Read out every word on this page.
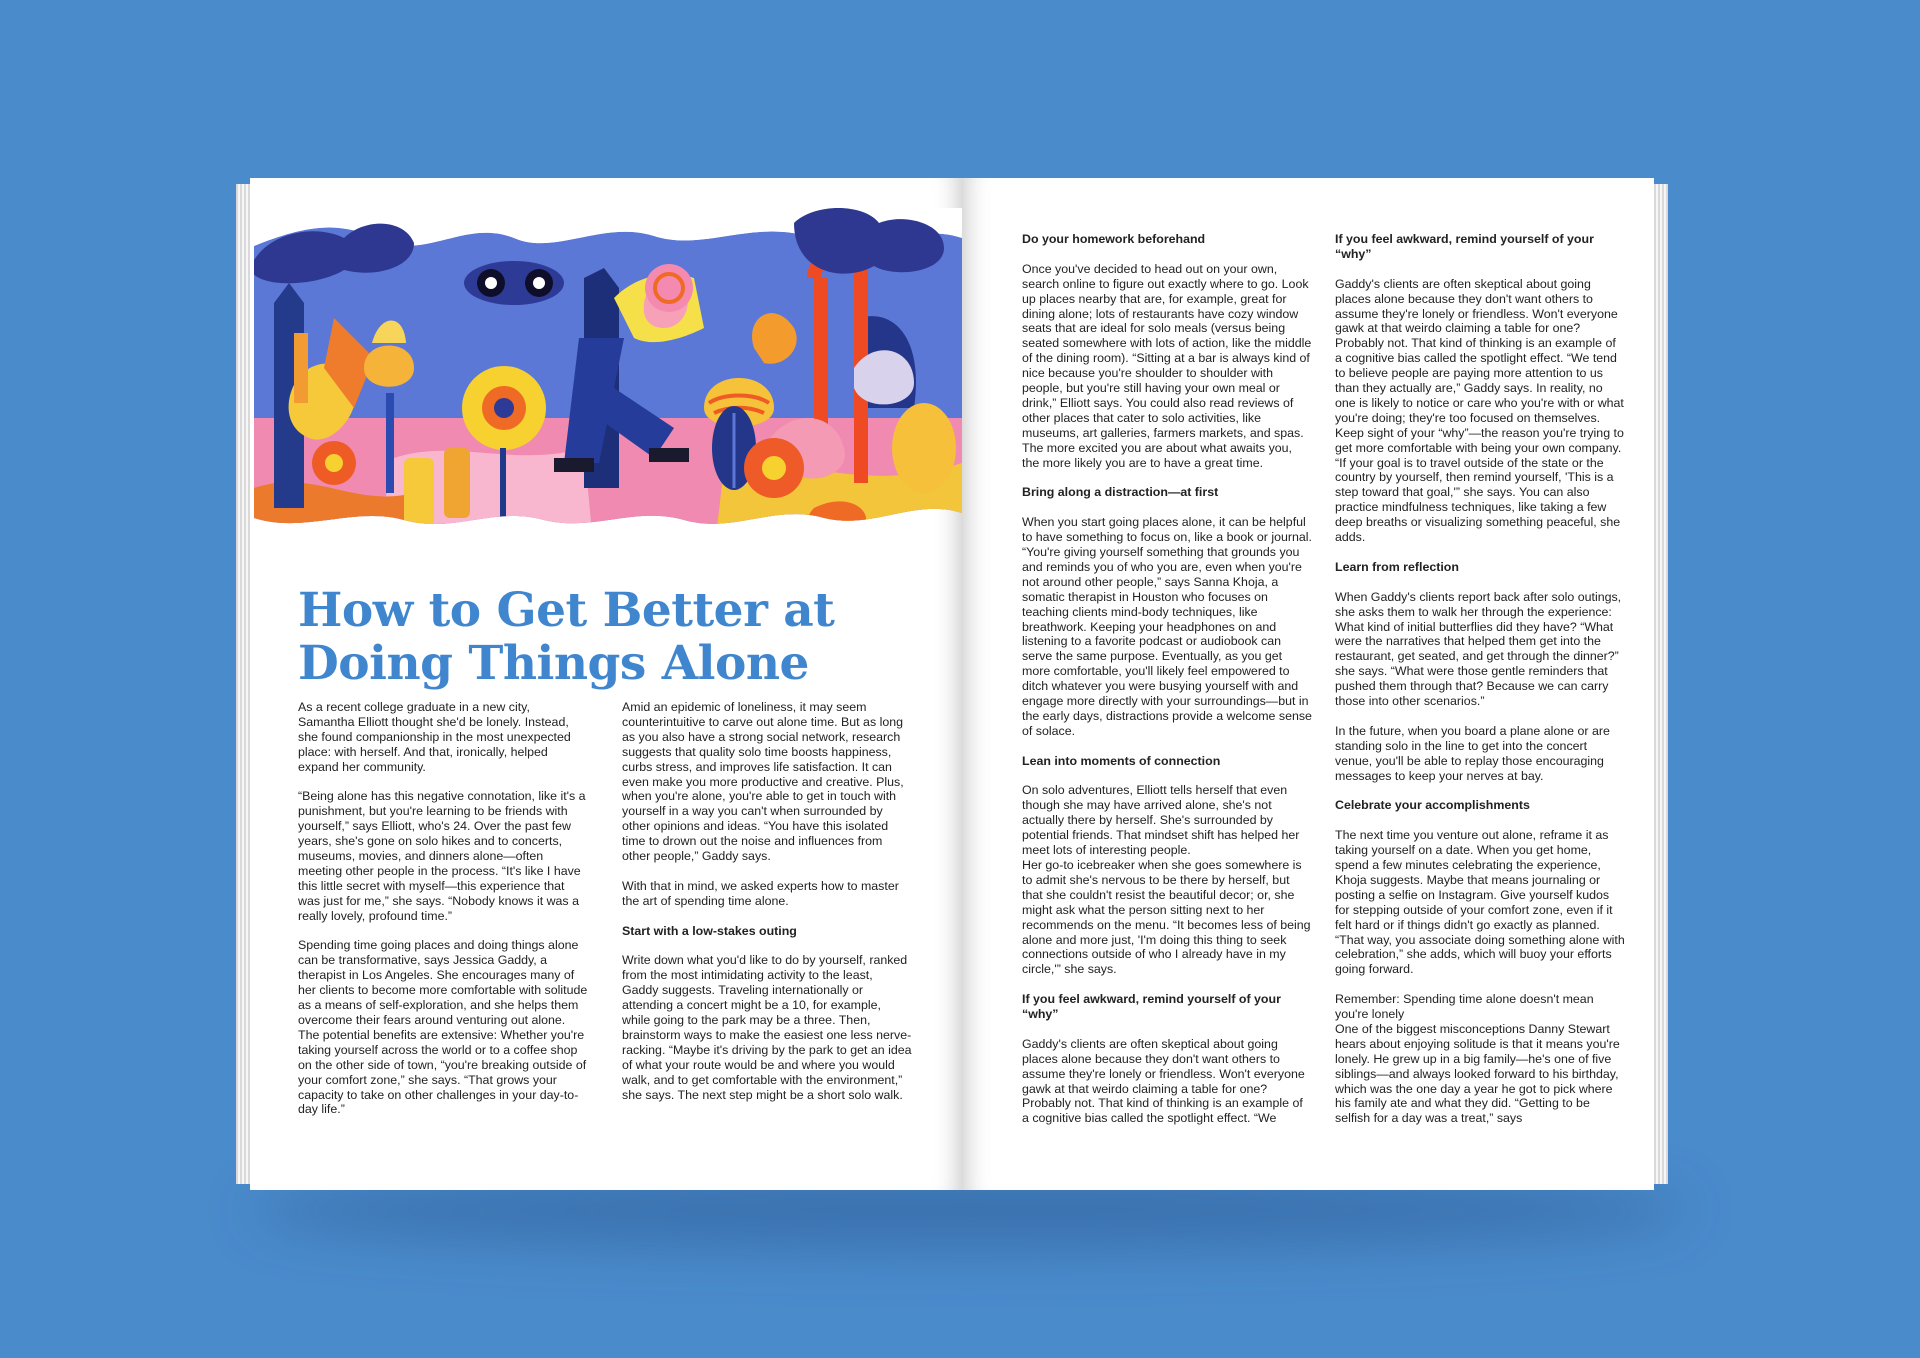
How to Get Better at Doing Things Alone

As a recent college graduate in a new city, Samantha Elliott thought she'd be lonely. Instead, she found companionship in the most unexpected place: with herself. And that, ironically, helped expand her community.

“Being alone has this negative connotation, like it's a punishment, but you're learning to be friends with yourself,” says Elliott, who's 24. Over the past few years, she's gone on solo hikes and to concerts, museums, movies, and dinners alone—often meeting other people in the process. “It's like I have this little secret with myself—this experience that was just for me,” she says. “Nobody knows it was a really lovely, profound time.”

Spending time going places and doing things alone can be transformative, says Jessica Gaddy, a therapist in Los Angeles. She encourages many of her clients to become more comfortable with solitude as a means of self-exploration, and she helps them overcome their fears around venturing out alone. The potential benefits are extensive: Whether you're taking yourself across the world or to a coffee shop on the other side of town, “you're breaking outside of your comfort zone,” she says. “That grows your capacity to take on other challenges in your day-to-day life.”

Amid an epidemic of loneliness, it may seem counterintuitive to carve out alone time. But as long as you also have a strong social network, research suggests that quality solo time boosts happiness, curbs stress, and improves life satisfaction. It can even make you more productive and creative. Plus, when you're alone, you're able to get in touch with yourself in a way you can't when surrounded by other opinions and ideas. “You have this isolated time to drown out the noise and influences from other people,” Gaddy says.

With that in mind, we asked experts how to master the art of spending time alone.

Start with a low-stakes outing

Write down what you'd like to do by yourself, ranked from the most intimidating activity to the least, Gaddy suggests. Traveling internationally or attending a concert might be a 10, for example, while going to the park may be a three. Then, brainstorm ways to make the easiest one less nerve-racking. “Maybe it's driving by the park to get an idea of what your route would be and where you would walk, and to get comfortable with the environment,” she says. The next step might be a short solo walk.

Do your homework beforehand

Once you've decided to head out on your own, search online to figure out exactly where to go. Look up places nearby that are, for example, great for dining alone; lots of restaurants have cozy window seats that are ideal for solo meals (versus being seated somewhere with lots of action, like the middle of the dining room). “Sitting at a bar is always kind of nice because you're shoulder to shoulder with people, but you're still having your own meal or drink,” Elliott says. You could also read reviews of other places that cater to solo activities, like museums, art galleries, farmers markets, and spas. The more excited you are about what awaits you, the more likely you are to have a great time.

Bring along a distraction—at first

When you start going places alone, it can be helpful to have something to focus on, like a book or journal. “You're giving yourself something that grounds you and reminds you of who you are, even when you're not around other people,” says Sanna Khoja, a somatic therapist in Houston who focuses on teaching clients mind-body techniques, like breathwork. Keeping your headphones on and listening to a favorite podcast or audiobook can serve the same purpose. Eventually, as you get more comfortable, you'll likely feel empowered to ditch whatever you were busying yourself with and engage more directly with your surroundings—but in the early days, distractions provide a welcome sense of solace.

Lean into moments of connection

On solo adventures, Elliott tells herself that even though she may have arrived alone, she's not actually there by herself. She's surrounded by potential friends. That mindset shift has helped her meet lots of interesting people.
Her go-to icebreaker when she goes somewhere is to admit she's nervous to be there by herself, but that she couldn't resist the beautiful decor; or, she might ask what the person sitting next to her recommends on the menu. “It becomes less of being alone and more just, 'I'm doing this thing to seek connections outside of who I already have in my circle,'” she says.

If you feel awkward, remind yourself of your “why”

Gaddy's clients are often skeptical about going places alone because they don't want others to assume they're lonely or friendless. Won't everyone gawk at that weirdo claiming a table for one? Probably not. That kind of thinking is an example of a cognitive bias called the spotlight effect. “We

If you feel awkward, remind yourself of your “why”

Gaddy's clients are often skeptical about going places alone because they don't want others to assume they're lonely or friendless. Won't everyone gawk at that weirdo claiming a table for one? Probably not. That kind of thinking is an example of a cognitive bias called the spotlight effect. “We tend to believe people are paying more attention to us than they actually are,” Gaddy says. In reality, no one is likely to notice or care who you're with or what you're doing; they're too focused on themselves. Keep sight of your “why”—the reason you're trying to get more comfortable with being your own company. “If your goal is to travel outside of the state or the country by yourself, then remind yourself, 'This is a step toward that goal,'” she says. You can also practice mindfulness techniques, like taking a few deep breaths or visualizing something peaceful, she adds.

Learn from reflection

When Gaddy's clients report back after solo outings, she asks them to walk her through the experience: What kind of initial butterflies did they have? “What were the narratives that helped them get into the restaurant, get seated, and get through the dinner?” she says. “What were those gentle reminders that pushed them through that? Because we can carry those into other scenarios.”

In the future, when you board a plane alone or are standing solo in the line to get into the concert venue, you'll be able to replay those encouraging messages to keep your nerves at bay.

Celebrate your accomplishments

The next time you venture out alone, reframe it as taking yourself on a date. When you get home, spend a few minutes celebrating the experience, Khoja suggests. Maybe that means journaling or posting a selfie on Instagram. Give yourself kudos for stepping outside of your comfort zone, even if it felt hard or if things didn't go exactly as planned. “That way, you associate doing something alone with celebration,” she adds, which will buoy your efforts going forward.

Remember: Spending time alone doesn't mean you're lonely
One of the biggest misconceptions Danny Stewart hears about enjoying solitude is that it means you're lonely. He grew up in a big family—he's one of five siblings—and always looked forward to his birthday, which was the one day a year he got to pick where his family ate and what they did. “Getting to be selfish for a day was a treat,” says
